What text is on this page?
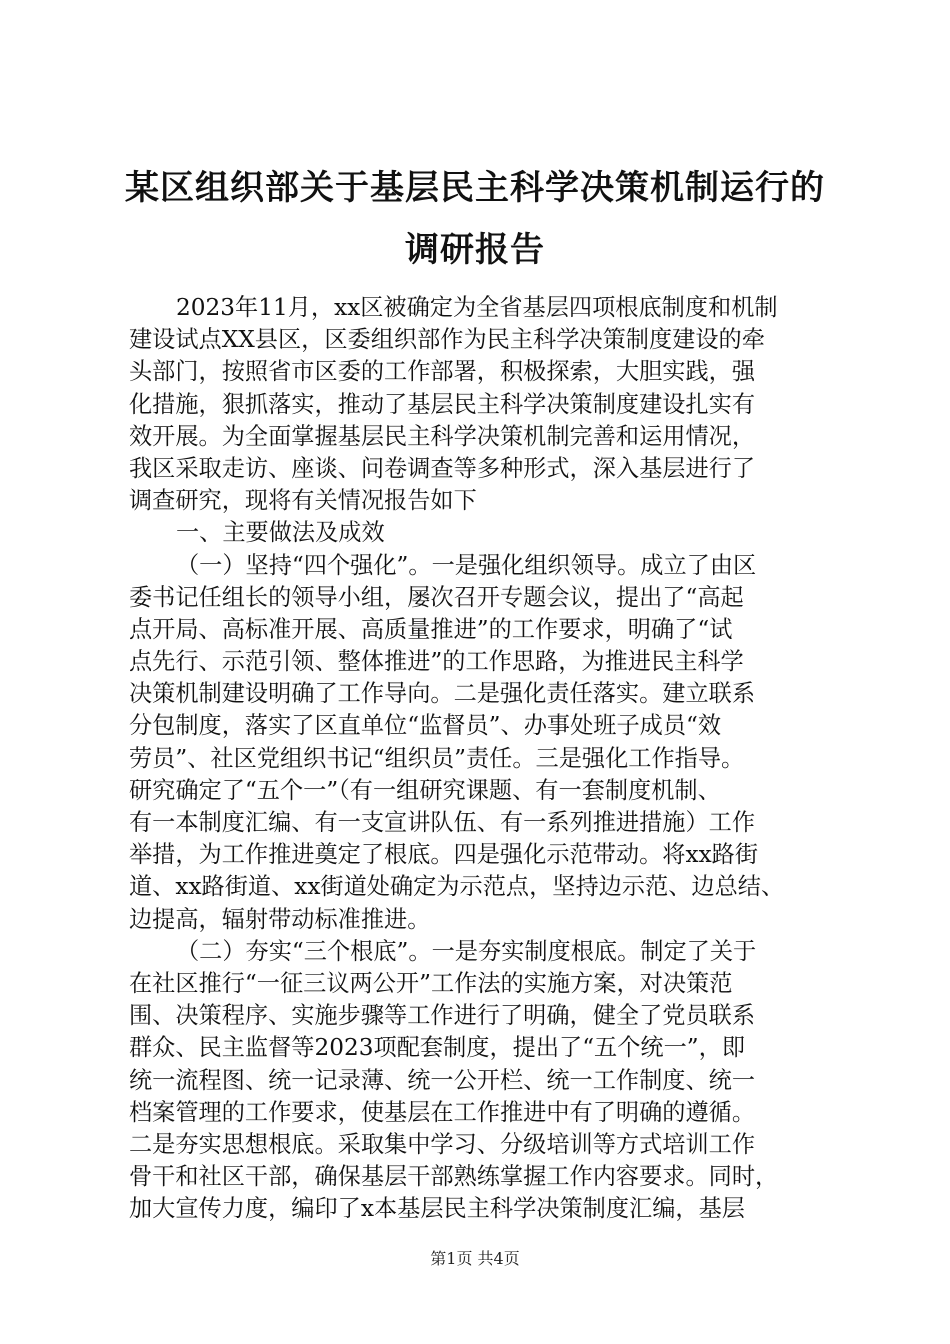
某区组织部关于基层民主科学决策机制运行的
调研报告
2023年11月，xx区被确定为全省基层四项根底制度和机制
建设试点XX县区，区委组织部作为民主科学决策制度建设的牵
头部门，按照省市区委的工作部署，积极探索，大胆实践，强
化措施，狠抓落实，推动了基层民主科学决策制度建设扎实有
效开展。为全面掌握基层民主科学决策机制完善和运用情况，
我区采取走访、座谈、问卷调查等多种形式，深入基层进行了
调查研究，现将有关情况报告如下
一、主要做法及成效
（一）坚持“四个强化”。一是强化组织领导。成立了由区
委书记任组长的领导小组，屡次召开专题会议，提出了“高起
点开局、高标准开展、高质量推进”的工作要求，明确了“试
点先行、示范引领、整体推进”的工作思路，为推进民主科学
决策机制建设明确了工作导向。二是强化责任落实。建立联系
分包制度，落实了区直单位“监督员”、办事处班子成员“效
劳员”、社区党组织书记“组织员”责任。三是强化工作指导。
研究确定了“五个一”（有一组研究课题、有一套制度机制、
有一本制度汇编、有一支宣讲队伍、有一系列推进措施）工作
举措，为工作推进奠定了根底。四是强化示范带动。将xx路街
道、xx路街道、xx街道处确定为示范点，坚持边示范、边总结、
边提高，辐射带动标准推进。
（二）夯实“三个根底”。一是夯实制度根底。制定了关于
在社区推行“一征三议两公开”工作法的实施方案，对决策范
围、决策程序、实施步骤等工作进行了明确，健全了党员联系
群众、民主监督等2023项配套制度，提出了“五个统一”，即
统一流程图、统一记录薄、统一公开栏、统一工作制度、统一
档案管理的工作要求，使基层在工作推进中有了明确的遵循。
二是夯实思想根底。采取集中学习、分级培训等方式培训工作
骨干和社区干部，确保基层干部熟练掌握工作内容要求。同时，
加大宣传力度，编印了x本基层民主科学决策制度汇编，基层
第1页 共4页
